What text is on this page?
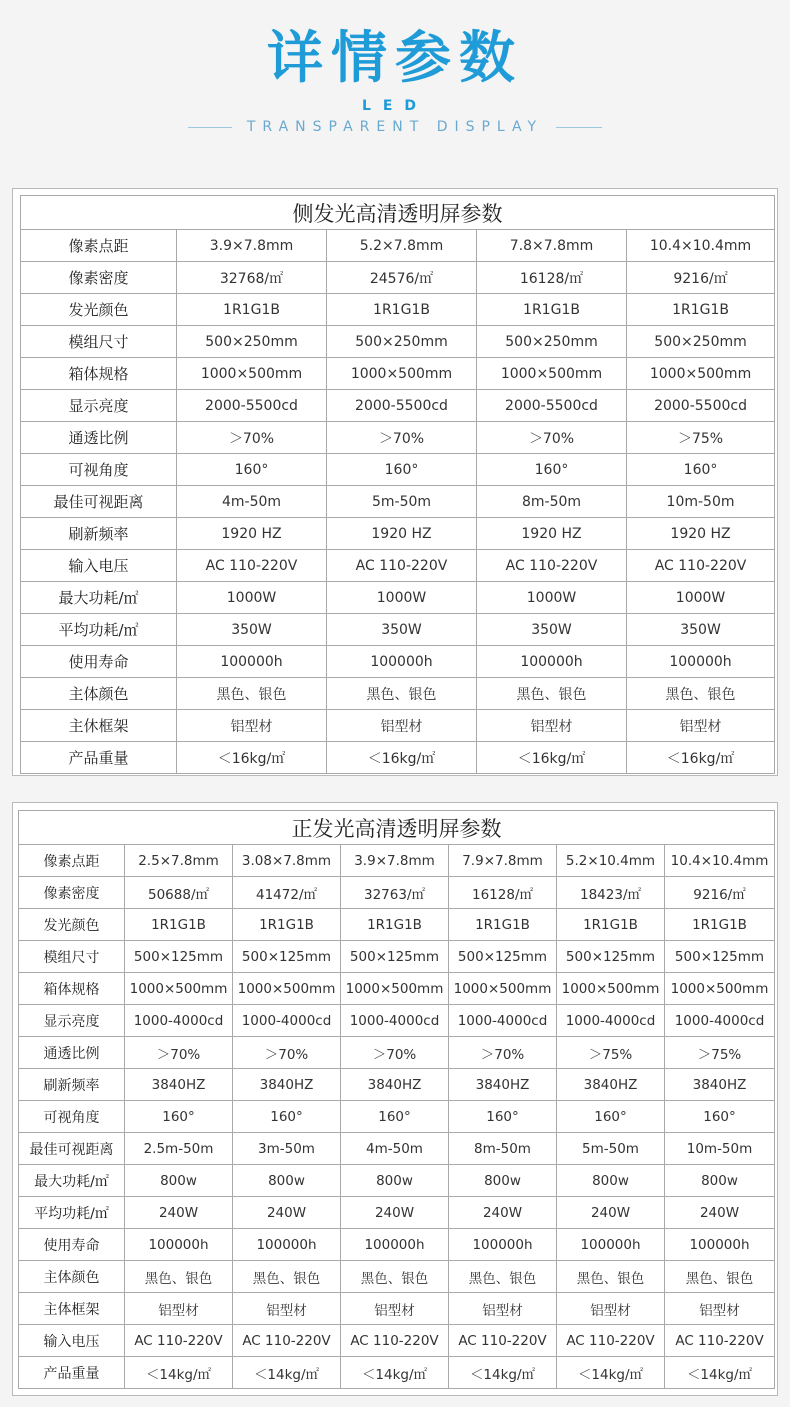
详情参数
LED
TRANSPARENT DISPLAY
侧发光高清透明屏参数				
像素点距	3.9×7.8mm	5.2×7.8mm	7.8×7.8mm	10.4×10.4mm
像素密度	32768/㎡	24576/㎡	16128/㎡	9216/㎡
发光颜色	1R1G1B	1R1G1B	1R1G1B	1R1G1B
模组尺寸	500×250mm	500×250mm	500×250mm	500×250mm
箱体规格	1000×500mm	1000×500mm	1000×500mm	1000×500mm
显示亮度	2000-5500cd	2000-5500cd	2000-5500cd	2000-5500cd
通透比例	＞70%	＞70%	＞70%	＞75%
可视角度	160°	160°	160°	160°
最佳可视距离	4m-50m	5m-50m	8m-50m	10m-50m
刷新频率	1920 HZ	1920 HZ	1920 HZ	1920 HZ
输入电压	AC 110-220V	AC 110-220V	AC 110-220V	AC 110-220V
最大功耗/㎡	1000W	1000W	1000W	1000W
平均功耗/㎡	350W	350W	350W	350W
使用寿命	100000h	100000h	100000h	100000h
主体颜色	黑色、银色	黑色、银色	黑色、银色	黑色、银色
主休框架	铝型材	铝型材	铝型材	铝型材
产品重量	＜16kg/㎡	＜16kg/㎡	＜16kg/㎡	＜16kg/㎡
正发光高清透明屏参数						
像素点距	2.5×7.8mm	3.08×7.8mm	3.9×7.8mm	7.9×7.8mm	5.2×10.4mm	10.4×10.4mm
像素密度	50688/㎡	41472/㎡	32763/㎡	16128/㎡	18423/㎡	9216/㎡
发光颜色	1R1G1B	1R1G1B	1R1G1B	1R1G1B	1R1G1B	1R1G1B
模组尺寸	500×125mm	500×125mm	500×125mm	500×125mm	500×125mm	500×125mm
箱体规格	1000×500mm	1000×500mm	1000×500mm	1000×500mm	1000×500mm	1000×500mm
显示亮度	1000-4000cd	1000-4000cd	1000-4000cd	1000-4000cd	1000-4000cd	1000-4000cd
通透比例	＞70%	＞70%	＞70%	＞70%	＞75%	＞75%
刷新频率	3840HZ	3840HZ	3840HZ	3840HZ	3840HZ	3840HZ
可视角度	160°	160°	160°	160°	160°	160°
最佳可视距离	2.5m-50m	3m-50m	4m-50m	8m-50m	5m-50m	10m-50m
最大功耗/㎡	800w	800w	800w	800w	800w	800w
平均功耗/㎡	240W	240W	240W	240W	240W	240W
使用寿命	100000h	100000h	100000h	100000h	100000h	100000h
主体颜色	黑色、银色	黑色、银色	黑色、银色	黑色、银色	黑色、银色	黑色、银色
主体框架	铝型材	铝型材	铝型材	铝型材	铝型材	铝型材
输入电压	AC 110-220V	AC 110-220V	AC 110-220V	AC 110-220V	AC 110-220V	AC 110-220V
产品重量	＜14kg/㎡	＜14kg/㎡	＜14kg/㎡	＜14kg/㎡	＜14kg/㎡	＜14kg/㎡
